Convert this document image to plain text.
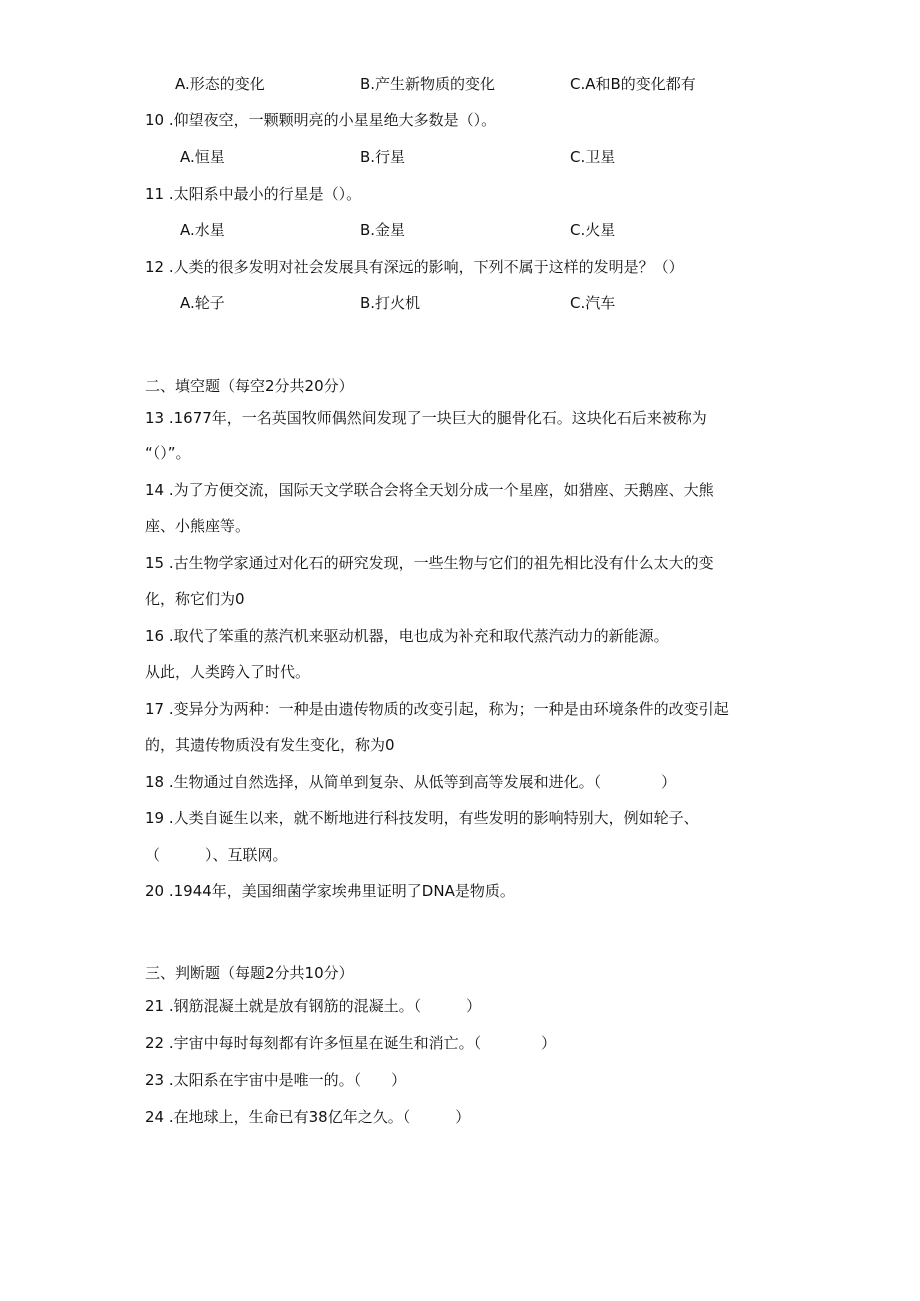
A.形态的变化	B.产生新物质的变化	C.A和B的变化都有
10 .仰望夜空，一颗颗明亮的小星星绝大多数是（）。
A.恒星	B.行星	C.卫星
11 .太阳系中最小的行星是（）。
A.水星	B.金星	C.火星
12 .人类的很多发明对社会发展具有深远的影响，下列不属于这样的发明是？（）
A.轮子	B.打火机	C.汽车
二、填空题（每空2分共20分）
13 .1677年，一名英国牧师偶然间发现了一块巨大的腿骨化石。这块化石后来被称为
“（）”。
14 .为了方便交流，国际天文学联合会将全天划分成一个星座，如猎座、天鹅座、大熊
座、小熊座等。
15 .古生物学家通过对化石的研究发现，一些生物与它们的祖先相比没有什么太大的变
化，称它们为0
16 .取代了笨重的蒸汽机来驱动机器，电也成为补充和取代蒸汽动力的新能源。
从此，人类跨入了时代。
17 .变异分为两种：一种是由遗传物质的改变引起，称为；一种是由环境条件的改变引起
的，其遗传物质没有发生变化，称为0
18 .生物通过自然选择，从简单到复杂、从低等到高等发展和进化。（　　　　）
19 .人类自诞生以来，就不断地进行科技发明，有些发明的影响特别大，例如轮子、
（　　　）、互联网。
20 .1944年，美国细菌学家埃弗里证明了DNA是物质。
三、判断题（每题2分共10分）
21 .钢筋混凝土就是放有钢筋的混凝土。（　　　）
22 .宇宙中每时每刻都有许多恒星在诞生和消亡。（　　　　）
23 .太阳系在宇宙中是唯一的。（　　）
24 .在地球上，生命已有38亿年之久。（　　　）
